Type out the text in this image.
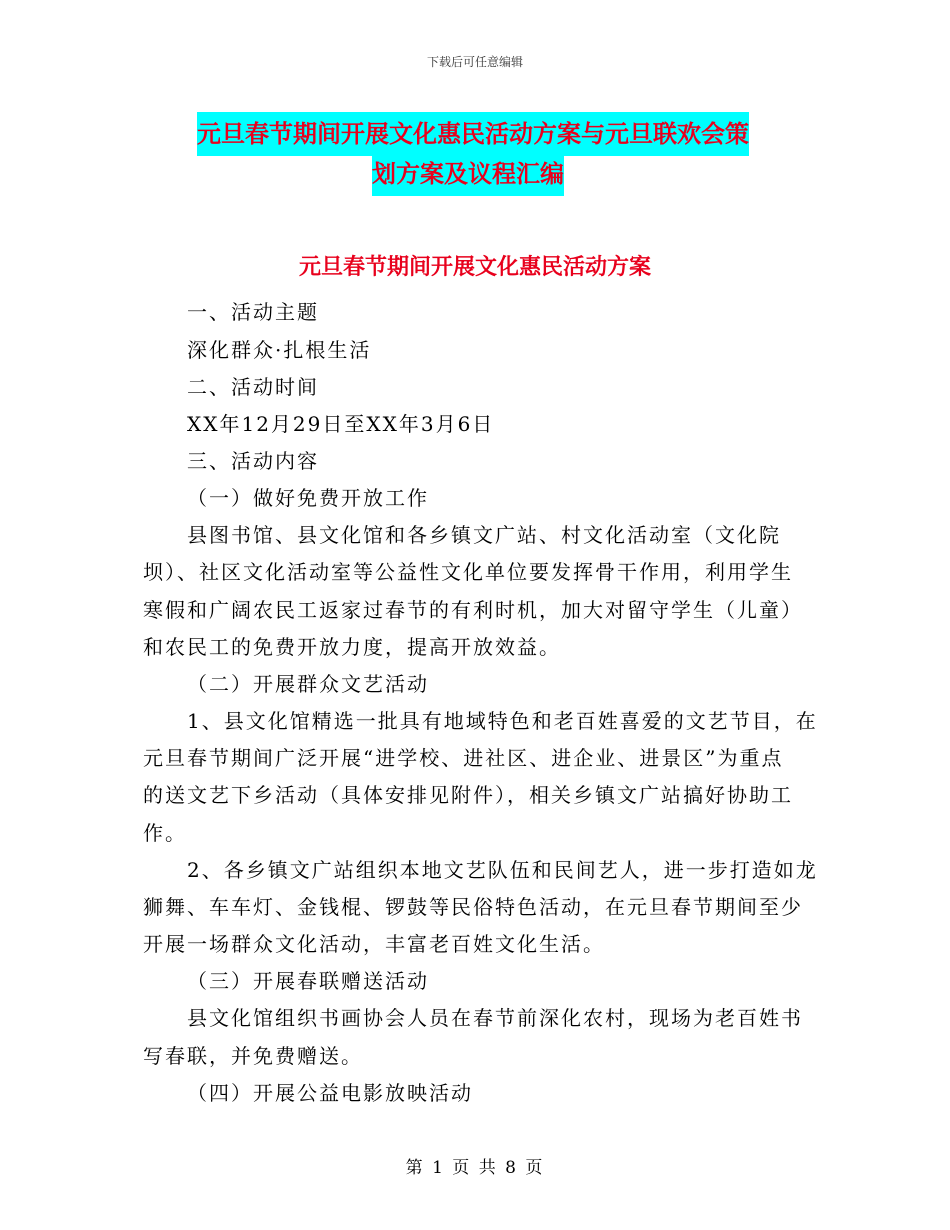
下载后可任意编辑
元旦春节期间开展文化惠民活动方案与元旦联欢会策
划方案及议程汇编
元旦春节期间开展文化惠民活动方案
一、活动主题
深化群众·扎根生活
二、活动时间
XX年12月29日至XX年3月6日
三、活动内容
（一）做好免费开放工作
县图书馆、县文化馆和各乡镇文广站、村文化活动室（文化院
坝）、社区文化活动室等公益性文化单位要发挥骨干作用，利用学生
寒假和广阔农民工返家过春节的有利时机，加大对留守学生（儿童）
和农民工的免费开放力度，提高开放效益。
（二）开展群众文艺活动
1、县文化馆精选一批具有地域特色和老百姓喜爱的文艺节目，在
元旦春节期间广泛开展“进学校、进社区、进企业、进景区”为重点
的送文艺下乡活动（具体安排见附件），相关乡镇文广站搞好协助工
作。
2、各乡镇文广站组织本地文艺队伍和民间艺人，进一步打造如龙
狮舞、车车灯、金钱棍、锣鼓等民俗特色活动，在元旦春节期间至少
开展一场群众文化活动，丰富老百姓文化生活。
（三）开展春联赠送活动
县文化馆组织书画协会人员在春节前深化农村，现场为老百姓书
写春联，并免费赠送。
（四）开展公益电影放映活动
第 1 页 共 8 页
